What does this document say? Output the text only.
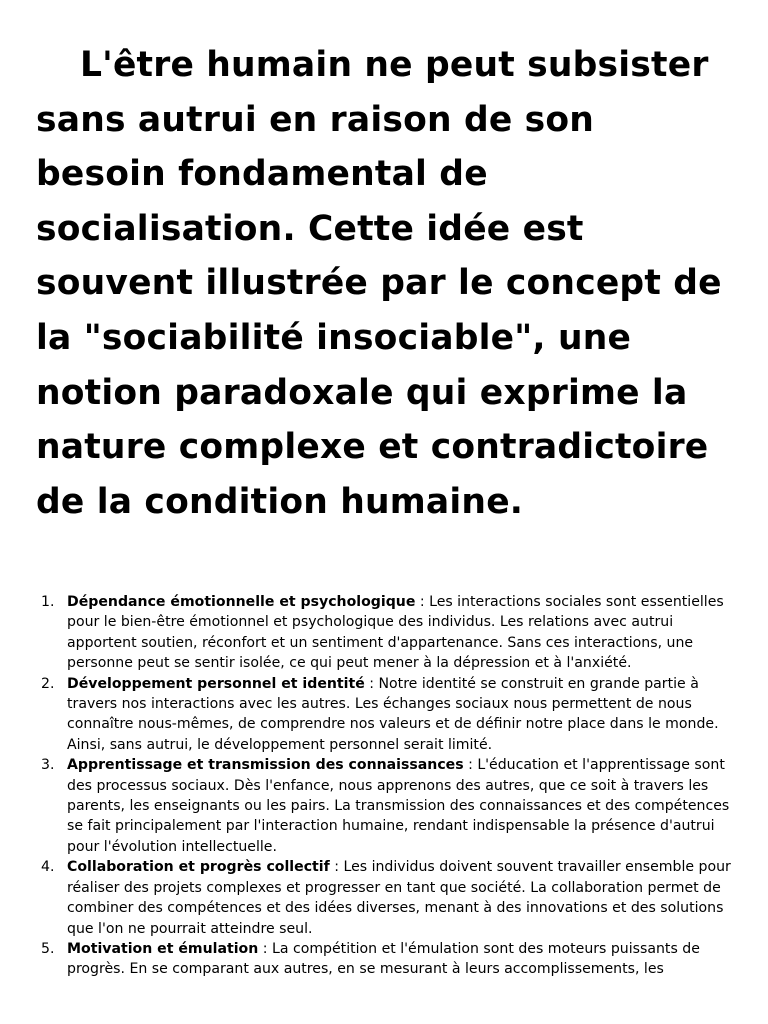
L'être humain ne peut subsister sans autrui en raison de son besoin fondamental de socialisation. Cette idée est souvent illustrée par le concept de la "sociabilité insociable", une notion paradoxale qui exprime la nature complexe et contradictoire de la condition humaine.

1. Dépendance émotionnelle et psychologique : Les interactions sociales sont essentielles pour le bien-être émotionnel et psychologique des individus. Les relations avec autrui apportent soutien, réconfort et un sentiment d'appartenance. Sans ces interactions, une personne peut se sentir isolée, ce qui peut mener à la dépression et à l'anxiété.
2. Développement personnel et identité : Notre identité se construit en grande partie à travers nos interactions avec les autres. Les échanges sociaux nous permettent de nous connaître nous-mêmes, de comprendre nos valeurs et de définir notre place dans le monde. Ainsi, sans autrui, le développement personnel serait limité.
3. Apprentissage et transmission des connaissances : L'éducation et l'apprentissage sont des processus sociaux. Dès l'enfance, nous apprenons des autres, que ce soit à travers les parents, les enseignants ou les pairs. La transmission des connaissances et des compétences se fait principalement par l'interaction humaine, rendant indispensable la présence d'autrui pour l'évolution intellectuelle.
4. Collaboration et progrès collectif : Les individus doivent souvent travailler ensemble pour réaliser des projets complexes et progresser en tant que société. La collaboration permet de combiner des compétences et des idées diverses, menant à des innovations et des solutions que l'on ne pourrait atteindre seul.
5. Motivation et émulation : La compétition et l'émulation sont des moteurs puissants de progrès. En se comparant aux autres, en se mesurant à leurs accomplissements, les
